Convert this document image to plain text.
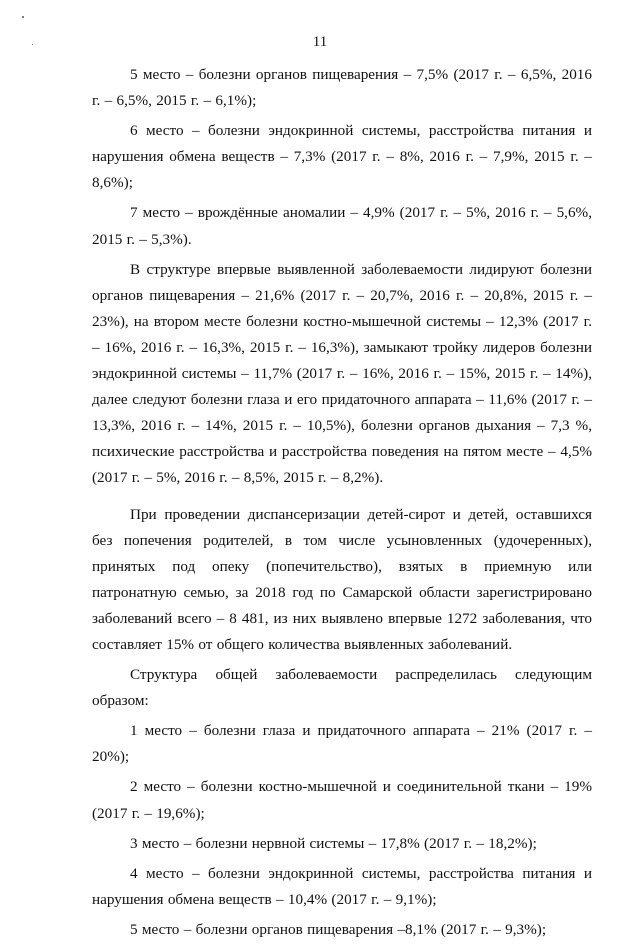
11

5 место – болезни органов пищеварения – 7,5% (2017 г. – 6,5%, 2016 г. – 6,5%, 2015 г. – 6,1%);

6 место – болезни эндокринной системы, расстройства питания и нарушения обмена веществ – 7,3% (2017 г. – 8%, 2016 г. – 7,9%, 2015 г. – 8,6%);

7 место – врождённые аномалии – 4,9% (2017 г. – 5%, 2016 г. – 5,6%, 2015 г. – 5,3%).

В структуре впервые выявленной заболеваемости лидируют болезни органов пищеварения – 21,6% (2017 г. – 20,7%, 2016 г. – 20,8%, 2015 г. – 23%), на втором месте болезни костно-мышечной системы – 12,3% (2017 г. – 16%, 2016 г. – 16,3%, 2015 г. – 16,3%), замыкают тройку лидеров болезни эндокринной системы – 11,7% (2017 г. – 16%, 2016 г. – 15%, 2015 г. – 14%), далее следуют болезни глаза и его придаточного аппарата – 11,6% (2017 г. – 13,3%, 2016 г. – 14%, 2015 г. – 10,5%), болезни органов дыхания – 7,3 %, психические расстройства и расстройства поведения на пятом месте – 4,5% (2017 г. – 5%, 2016 г. – 8,5%, 2015 г. – 8,2%).

При проведении диспансеризации детей-сирот и детей, оставшихся без попечения родителей, в том числе усыновленных (удочеренных), принятых под опеку (попечительство), взятых в приемную или патронатную семью, за 2018 год по Самарской области зарегистрировано заболеваний всего – 8 481, из них выявлено впервые 1272 заболевания, что составляет 15% от общего количества выявленных заболеваний.

Структура общей заболеваемости распределилась следующим образом:

1 место – болезни глаза и придаточного аппарата – 21% (2017 г. – 20%);

2 место – болезни костно-мышечной и соединительной ткани – 19% (2017 г. – 19,6%);

3 место – болезни нервной системы – 17,8% (2017 г. – 18,2%);

4 место – болезни эндокринной системы, расстройства питания и нарушения обмена веществ – 10,4% (2017 г. – 9,1%);

5 место – болезни органов пищеварения –8,1% (2017 г. – 9,3%);
